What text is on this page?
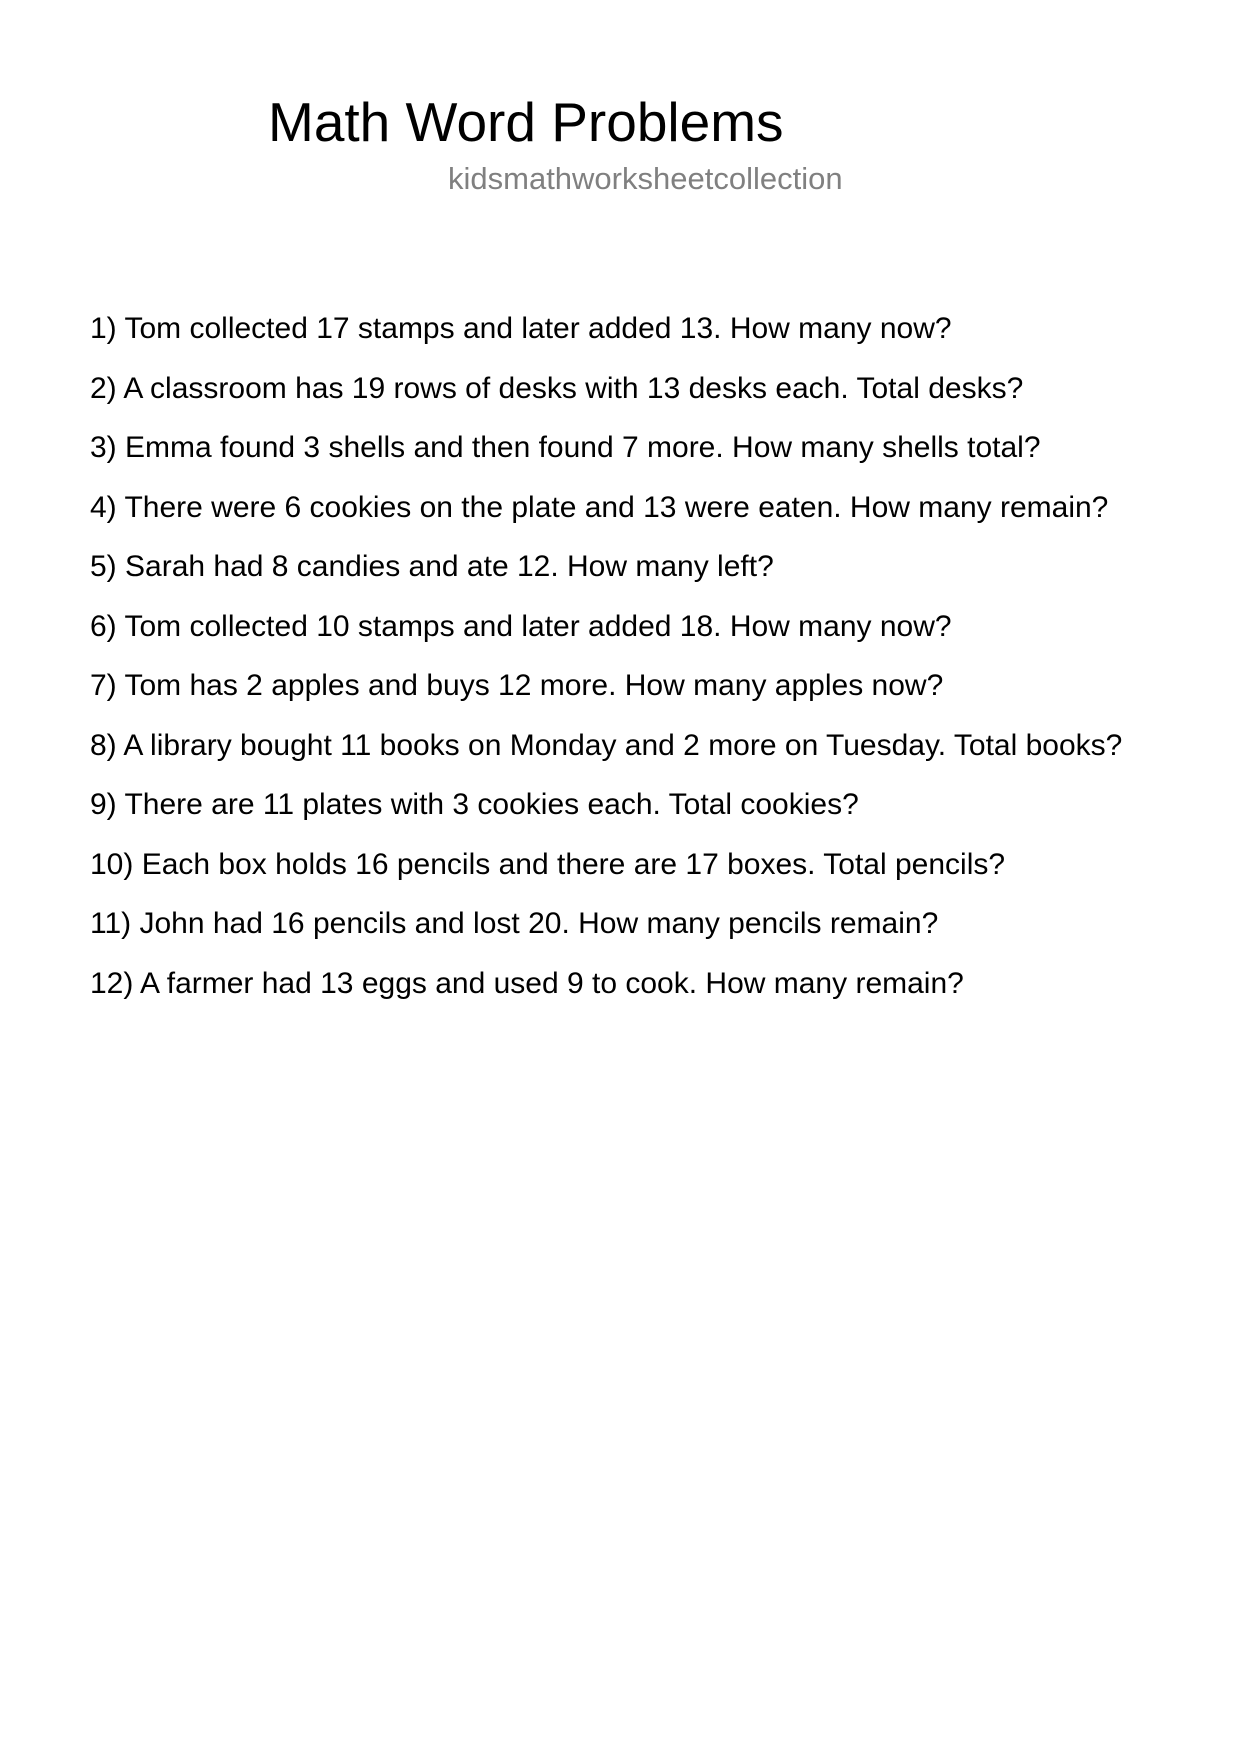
Math Word Problems
kidsmathworksheetcollection
1) Tom collected 17 stamps and later added 13. How many now?
2) A classroom has 19 rows of desks with 13 desks each. Total desks?
3) Emma found 3 shells and then found 7 more. How many shells total?
4) There were 6 cookies on the plate and 13 were eaten. How many remain?
5) Sarah had 8 candies and ate 12. How many left?
6) Tom collected 10 stamps and later added 18. How many now?
7) Tom has 2 apples and buys 12 more. How many apples now?
8) A library bought 11 books on Monday and 2 more on Tuesday. Total books?
9) There are 11 plates with 3 cookies each. Total cookies?
10) Each box holds 16 pencils and there are 17 boxes. Total pencils?
11) John had 16 pencils and lost 20. How many pencils remain?
12) A farmer had 13 eggs and used 9 to cook. How many remain?
